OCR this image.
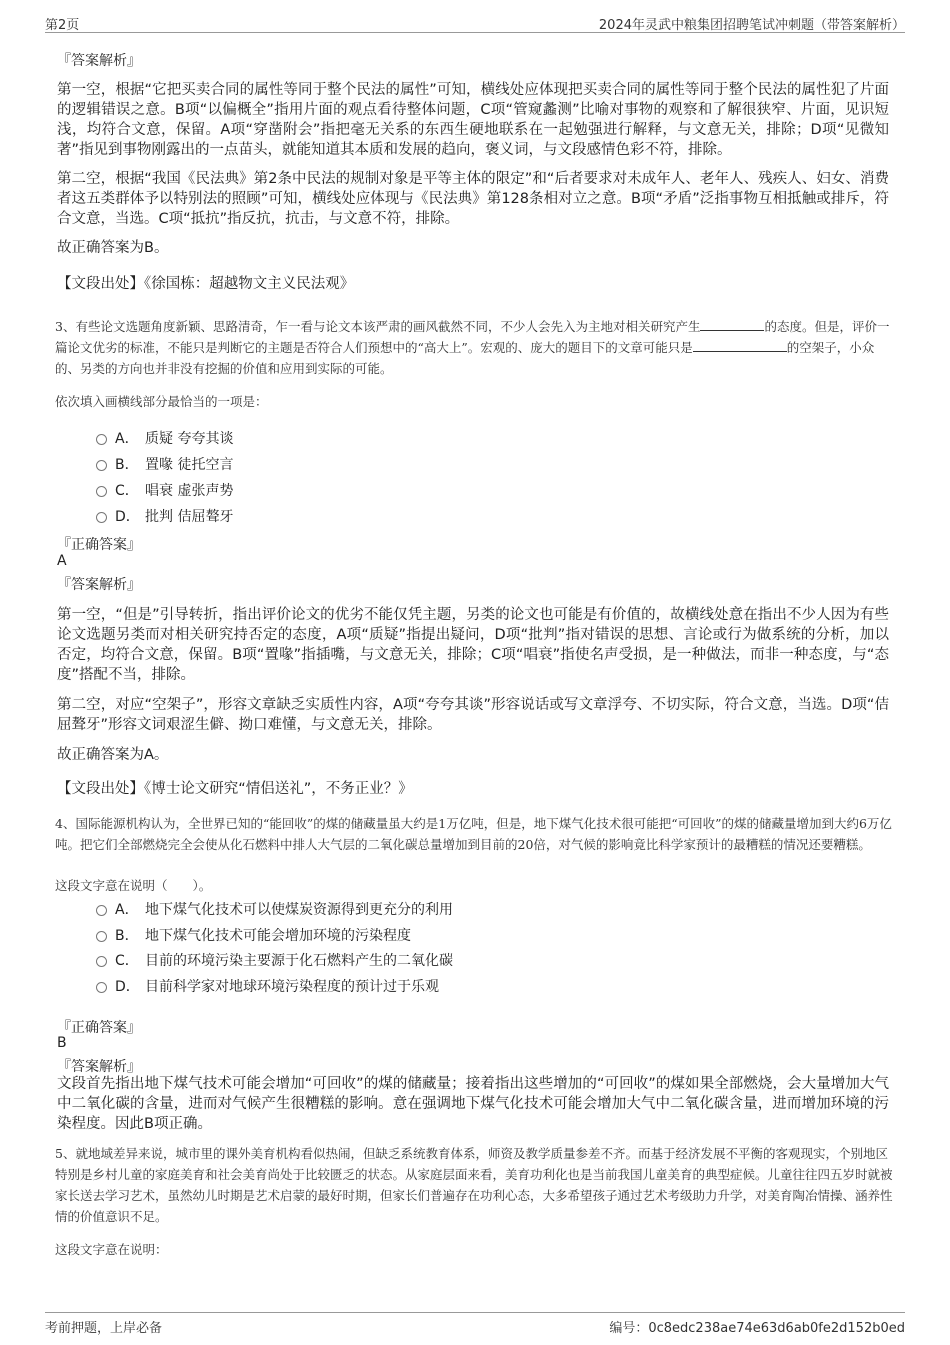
第2页	2024年灵武中粮集团招聘笔试冲刺题（带答案解析）
『答案解析』
第一空，根据“它把买卖合同的属性等同于整个民法的属性”可知，横线处应体现把买卖合同的属性等同于整个民法的属性犯了片面的逻辑错误之意。B项“以偏概全”指用片面的观点看待整体问题，C项“管窥蠡测”比喻对事物的观察和了解很狭窄、片面，见识短浅，均符合文意，保留。A项“穿凿附会”指把毫无关系的东西生硬地联系在一起勉强进行解释，与文意无关，排除；D项“见微知著”指见到事物刚露出的一点苗头，就能知道其本质和发展的趋向，褒义词，与文段感情色彩不符，排除。
第二空，根据“我国《民法典》第2条中民法的规制对象是平等主体的限定”和“后者要求对未成年人、老年人、残疾人、妇女、消费者这五类群体予以特别法的照顾”可知，横线处应体现与《民法典》第128条相对立之意。B项“矛盾”泛指事物互相抵触或排斥，符合文意，当选。C项“抵抗”指反抗，抗击，与文意不符，排除。
故正确答案为B。
【文段出处】《徐国栋：超越物文主义民法观》
3、有些论文选题角度新颖、思路清奇，乍一看与论文本该严肃的画风截然不同，不少人会先入为主地对相关研究产生	的态度。但是，评价一篇论文优劣的标准，不能只是判断它的主题是否符合人们预想中的“高大上”。宏观的、庞大的题目下的文章可能只是	的空架子，小众的、另类的方向也并非没有挖掘的价值和应用到实际的可能。
依次填入画横线部分最恰当的一项是：
A． 质疑 夸夸其谈
B． 置喙 徒托空言
C． 唱衰 虚张声势
D． 批判 佶屈聱牙
『正确答案』
A
『答案解析』
第一空，“但是”引导转折，指出评价论文的优劣不能仅凭主题，另类的论文也可能是有价值的，故横线处意在指出不少人因为有些论文选题另类而对相关研究持否定的态度，A项“质疑”指提出疑问，D项“批判”指对错误的思想、言论或行为做系统的分析，加以否定，均符合文意，保留。B项“置喙”指插嘴，与文意无关，排除；C项“唱衰”指使名声受损，是一种做法，而非一种态度，与“态度”搭配不当，排除。
第二空，对应“空架子”，形容文章缺乏实质性内容，A项“夸夸其谈”形容说话或写文章浮夸、不切实际，符合文意，当选。D项“佶屈聱牙”形容文词艰涩生僻、拗口难懂，与文意无关，排除。
故正确答案为A。
【文段出处】《博士论文研究“情侣送礼”，不务正业？》
4、国际能源机构认为，全世界已知的“能回收”的煤的储藏量虽大约是1万亿吨，但是，地下煤气化技术很可能把“可回收”的煤的储藏量增加到大约6万亿吨。把它们全部燃烧完全会使从化石燃料中排人大气层的二氧化碳总量增加到目前的20倍，对气候的影响竟比科学家预计的最糟糕的情况还要糟糕。
这段文字意在说明（　　）。
A． 地下煤气化技术可以使煤炭资源得到更充分的利用
B． 地下煤气化技术可能会增加环境的污染程度
C． 目前的环境污染主要源于化石燃料产生的二氧化碳
D． 目前科学家对地球环境污染程度的预计过于乐观
『正确答案』
B
『答案解析』
文段首先指出地下煤气技术可能会增加“可回收”的煤的储藏量；接着指出这些增加的“可回收”的煤如果全部燃烧，会大量增加大气中二氧化碳的含量，进而对气候产生很糟糕的影响。意在强调地下煤气化技术可能会增加大气中二氧化碳含量，进而增加环境的污染程度。因此B项正确。
5、就地域差异来说，城市里的课外美育机构看似热闹，但缺乏系统教育体系，师资及教学质量参差不齐。而基于经济发展不平衡的客观现实，个别地区特别是乡村儿童的家庭美育和社会美育尚处于比较匮乏的状态。从家庭层面来看，美育功利化也是当前我国儿童美育的典型症候。儿童往往四五岁时就被家长送去学习艺术，虽然幼儿时期是艺术启蒙的最好时期，但家长们普遍存在功利心态，大多希望孩子通过艺术考级助力升学，对美育陶冶情操、涵养性情的价值意识不足。
这段文字意在说明：
考前押题，上岸必备	编号：0c8edc238ae74e63d6ab0fe2d152b0ed
